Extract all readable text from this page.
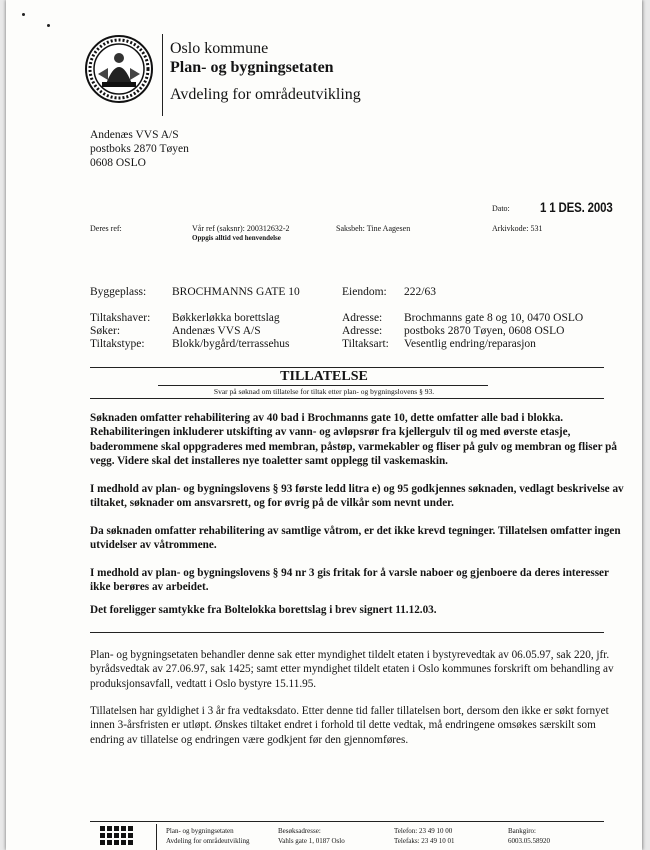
Oslo kommune
Plan- og bygningsetaten
Avdeling for områdeutvikling
Andenæs VVS A/S
postboks 2870 Tøyen
0608 OSLO
Dato: 1 1 DES. 2003
Deres ref:	Vår ref (saksnr): 200312632-2
Oppgis alltid ved henvendelse
Saksbeh: Tine Aagesen	Arkivkode: 531
Byggeplass: BROCHMANNS GATE 10	Eiendom: 222/63
Tiltakshaver: Bøkkerløkka borettslag	Adresse: Brochmanns gate 8 og 10, 0470 OSLO
Søker:	Andenæs VVS A/S	Adresse: postboks 2870 Tøyen, 0608 OSLO
Tiltakstype: Blokk/bygård/terrassehus	Tiltaksart: Vesentlig endring/reparasjon
TILLATELSE
Svar på søknad om tillatelse for tiltak etter plan- og bygningslovens § 93.
Søknaden omfatter rehabilitering av 40 bad i Brochmanns gate 10, dette omfatter alle bad i blokka. Rehabiliteringen inkluderer utskifting av vann- og avløpsrør fra kjellergulv til og med øverste etasje, baderommene skal oppgraderes med membran, påstøp, varmekabler og fliser på gulv og membran og fliser på vegg. Videre skal det installeres nye toaletter samt opplegg til vaskemaskin.
I medhold av plan- og bygningslovens § 93 første ledd litra e) og 95 godkjennes søknaden, vedlagt beskrivelse av tiltaket, søknader om ansvarsrett, og for øvrig på de vilkår som nevnt under.
Da søknaden omfatter rehabilitering av samtlige våtrom, er det ikke krevd tegninger. Tillatelsen omfatter ingen utvidelser av våtrommene.
I medhold av plan- og bygningslovens § 94 nr 3 gis fritak for å varsle naboer og gjenboere da deres interesser ikke berøres av arbeidet.
Det foreligger samtykke fra Boltelokka borettslag i brev signert 11.12.03.
Plan- og bygningsetaten behandler denne sak etter myndighet tildelt etaten i bystyrevedtak av 06.05.97, sak 220, jfr. byrådsvedtak av 27.06.97, sak 1425; samt etter myndighet tildelt etaten i Oslo kommunes forskrift om behandling av produksjonsavfall, vedtatt i Oslo bystyre 15.11.95.
Tillatelsen har gyldighet i 3 år fra vedtaksdato. Etter denne tid faller tillatelsen bort, dersom den ikke er søkt fornyet innen 3-årsfristen er utløpt. Ønskes tiltaket endret i forhold til dette vedtak, må endringene omsøkes særskilt som endring av tillatelse og endringen være godkjent før den gjennomføres.
Plan- og bygningsetaten
Avdeling for områdeutvikling
Besøksadresse:
Vahls gate 1, 0187 Oslo
Telefon: 23 49 10 00
Telefaks: 23 49 10 01
Bankgiro:
6003.05.58920
